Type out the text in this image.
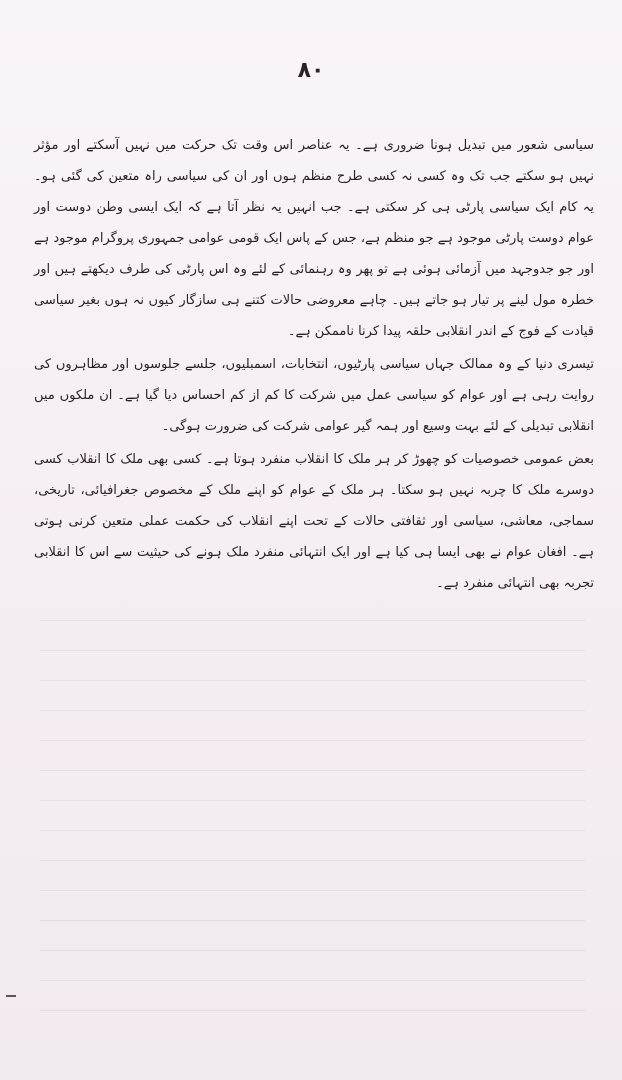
۸۰

سیاسی شعور میں تبدیل ہونا ضروری ہے۔ یہ عناصر اس وقت تک حرکت میں نہیں آسکتے اور مؤثر نہیں ہو سکتے جب تک وہ کسی نہ کسی طرح منظم ہوں اور ان کی سیاسی راہ متعین کی گئی ہو۔ یہ کام ایک سیاسی پارٹی ہی کر سکتی ہے۔ جب انہیں یہ نظر آتا ہے کہ ایک ایسی وطن دوست اور عوام دوست پارٹی موجود ہے جو منظم ہے، جس کے پاس ایک قومی عوامی جمہوری پروگرام موجود ہے اور جو جدوجہد میں آزمائی ہوئی ہے تو پھر وہ رہنمائی کے لئے وہ اس پارٹی کی طرف دیکھتے ہیں اور خطرہ مول لینے پر تیار ہو جاتے ہیں۔ چاہے معروضی حالات کتنے ہی سازگار کیوں نہ ہوں بغیر سیاسی قیادت کے فوج کے اندر انقلابی حلقہ پیدا کرنا ناممکن ہے۔

تیسری دنیا کے وہ ممالک جہاں سیاسی پارٹیوں، انتخابات، اسمبلیوں، جلسے جلوسوں اور مظاہروں کی روایت رہی ہے اور عوام کو سیاسی عمل میں شرکت کا کم از کم احساس دیا گیا ہے۔ ان ملکوں میں انقلابی تبدیلی کے لئے بہت وسیع اور ہمہ گیر عوامی شرکت کی ضرورت ہوگی۔

بعض عمومی خصوصیات کو چھوڑ کر ہر ملک کا انقلاب منفرد ہوتا ہے۔ کسی بھی ملک کا انقلاب کسی دوسرے ملک کا چربہ نہیں ہو سکتا۔ ہر ملک کے عوام کو اپنے ملک کے مخصوص جغرافیائی، تاریخی، سماجی، معاشی، سیاسی اور ثقافتی حالات کے تحت اپنے انقلاب کی حکمت عملی متعین کرنی ہوتی ہے۔ افغان عوام نے بھی ایسا ہی کیا ہے اور ایک انتہائی منفرد ملک ہونے کی حیثیت سے اس کا انقلابی تجربہ بھی انتہائی منفرد ہے۔
